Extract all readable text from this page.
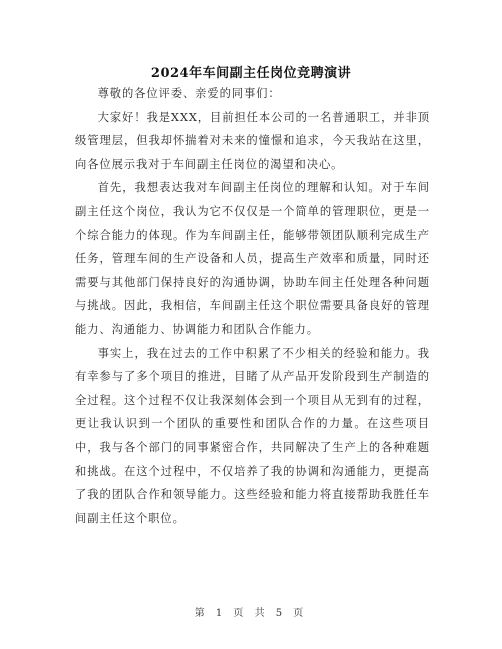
2024年车间副主任岗位竞聘演讲

尊敬的各位评委、亲爱的同事们：

大家好！我是XXX，目前担任本公司的一名普通职工，并非顶级管理层，但我却怀揣着对未来的憧憬和追求，今天我站在这里，向各位展示我对于车间副主任岗位的渴望和决心。

首先，我想表达我对车间副主任岗位的理解和认知。对于车间副主任这个岗位，我认为它不仅仅是一个简单的管理职位，更是一个综合能力的体现。作为车间副主任，能够带领团队顺利完成生产任务，管理车间的生产设备和人员，提高生产效率和质量，同时还需要与其他部门保持良好的沟通协调，协助车间主任处理各种问题与挑战。因此，我相信，车间副主任这个职位需要具备良好的管理能力、沟通能力、协调能力和团队合作能力。

事实上，我在过去的工作中积累了不少相关的经验和能力。我有幸参与了多个项目的推进，目睹了从产品开发阶段到生产制造的全过程。这个过程不仅让我深刻体会到一个项目从无到有的过程，更让我认识到一个团队的重要性和团队合作的力量。在这些项目中，我与各个部门的同事紧密合作，共同解决了生产上的各种难题和挑战。在这个过程中，不仅培养了我的协调和沟通能力，更提高了我的团队合作和领导能力。这些经验和能力将直接帮助我胜任车间副主任这个职位。

第 1 页 共 5 页
